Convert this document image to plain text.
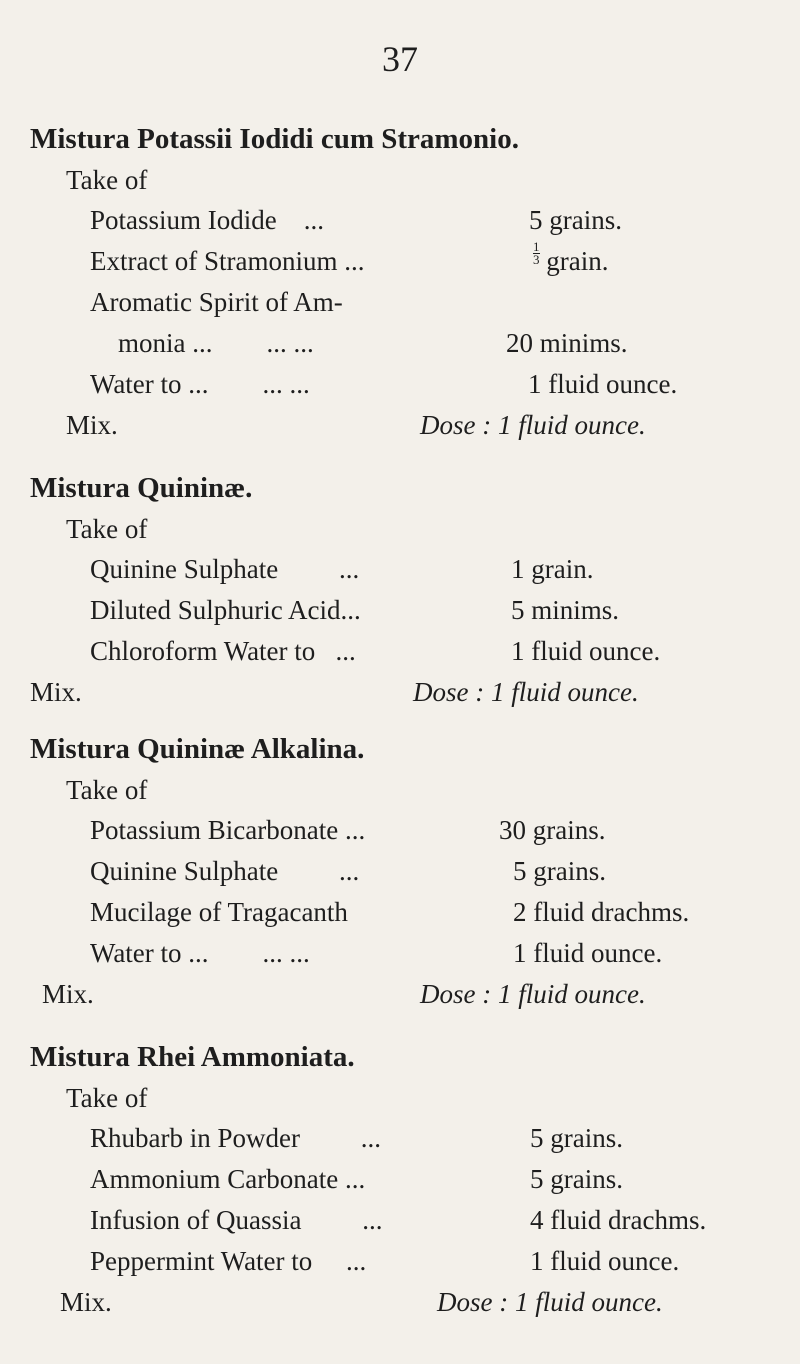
37
Mistura Potassii Iodidi cum Stramonio.
Take of
Potassium Iodide ...	5 grains.
Extract of Stramonium ...	$\frac{1}{3}$ grain.
Aromatic Spirit of Am-
monia ... ... ...	20 minims.
Water to ... ... ...	1 fluid ounce.
Mix.	Dose : 1 fluid ounce.
Mistura Quininæ.
Take of
Quinine Sulphate ...	1 grain.
Diluted Sulphuric Acid...	5 minims.
Chloroform Water to ...	1 fluid ounce.
Mix.	Dose : 1 fluid ounce.
Mistura Quininæ Alkalina.
Take of
Potassium Bicarbonate ...	30 grains.
Quinine Sulphate ...	5 grains.
Mucilage of Tragacanth	2 fluid drachms.
Water to ... ... ...	1 fluid ounce.
Mix.	Dose : 1 fluid ounce.
Mistura Rhei Ammoniata.
Take of
Rhubarb in Powder ...	5 grains.
Ammonium Carbonate ...	5 grains.
Infusion of Quassia ...	4 fluid drachms.
Peppermint Water to ...	1 fluid ounce.
Mix.	Dose : 1 fluid ounce.
